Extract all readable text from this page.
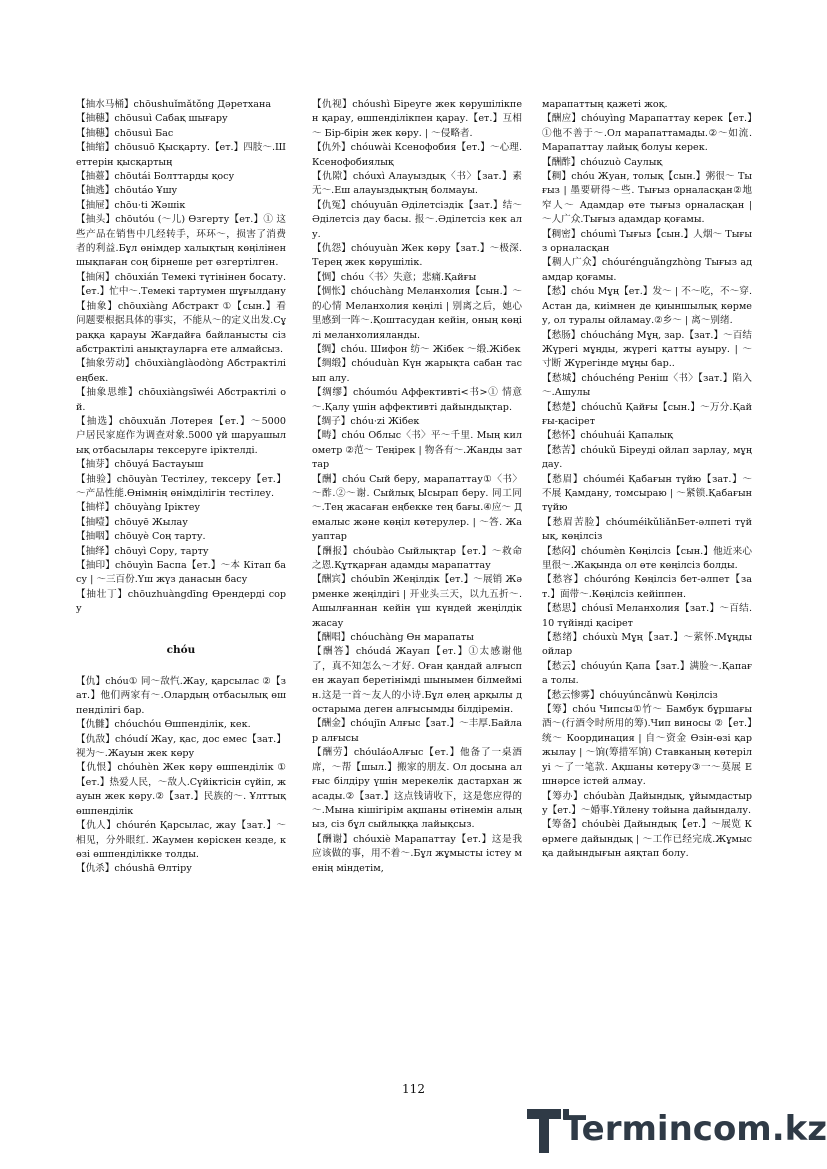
【抽水马桶】chōushuǐmǎtǒng Дәретхана

【抽穗】chōusuì Сабақ шығару

【抽穗】chōusuì Бас

【抽缩】chōusuō Қысқарту.【ет.】四肢～.Шеттерін қысқартың

【抽薹】chōutái Болттарды қосу

【抽逃】chōutáo Ұшу

【抽屉】chōu·ti Жәшік

【抽头】chōutóu (～儿) Өзгерту【ет.】① 这些产品在销售中几经转手，环环～，损害了消费者的利益.Бұл өнімдер халықтың көңілінен шықпаған соң бірнеше рет өзгертілген.

【抽闲】chōuxián Темекі түтінінен босату.【ет.】忙中～.Темекі тартумен шұғылдану

【抽象】chōuxiàng Абстракт ①【сын.】看问题要根据具体的事实，不能从～的定义出发.Сұраққа қарауы Жағдайға байланысты сіз абстрактілі анықтауларға ете алмайсыз.

【抽象劳动】chōuxiànglàodòng Абстрактілі еңбек.

【抽象思维】chōuxiàngsīwéi Абстрактілі ой.

【抽选】chōuxuǎn Лотерея【ет.】～5000 户居民家庭作为调查对象.5000 үй шаруашылық отбасылары тексеруге іріктелді.

【抽芽】chōuyá Бастауыш

【抽验】chōuyàn Тестілеу, тексеру【ет.】～产品性能.Өнімнің өнімділігін тестілеу.

【抽样】chōuyàng Іріктеу

【抽噎】chōuyē Жылау

【抽咽】chōuyè Соң тарту.

【抽绎】chōuyì Сору, тарту

【抽印】chōuyìn Баспа【ет.】～本 Кітап басу | ～三百份.Үш жүз данасын басу

【抽壮丁】chōuzhuàngdīng Өрендерді сору

chóu

【仇】chóu① 同～敌忾.Жау, қарсылас ②【зат.】他们两家有～.Олардың отбасылық өшпенділігі бар.

【仇雠】chóuchóu Өшпенділік, кек.

【仇敌】chóudí Жау, қас, дос емес【зат.】视为～.Жауын жек көру

【仇恨】chóuhèn Жек көру өшпенділік ①【ет.】热爱人民，～敌人.Сүйіктісін сүйіп, жауын жек көру.②【зат.】民族的～. Ұлттық өшпенділік

【仇人】chóurén Қарсылас, жау【зат.】～相见，分外眼红. Жаумен көріскен кезде, көзі өшпенділікке толды.

【仇杀】chóushā Өлтіру

【仇视】chóushì Біреуге жек көрушілікпен қарау, өшпенділікпен қарау.【ет.】互相～ Бір-бірін жек көру. | ～侵略者.

【仇外】chóuwài Ксенофобия【ет.】～心理.Ксенофобиялық

【仇隙】chóuxì Алауыздық〈书〉【зат.】素无～.Еш алауыздықтың болмауы.

【仇冤】chóuyuān Әділетсіздік【зат.】结～ Әділетсіз дау басы. 报～.Әділетсіз кек алу.

【仇怨】chóuyuàn Жек көру【зат.】～极深.Терең жек көрушілік.

【惆】chóu〈书〉失意；悲痛.Қайғы

【惆怅】chóuchàng Меланхолия【сын.】～的心情 Меланхолия көңілі | 别离之后，她心里感到一阵～.Қоштасудан кейін, оның көңілі меланхолияланды.

【绸】chóu. Шифон 纺～ Жібек ～缎.Жібек

【绸缎】chóuduàn Күн жарықта сабан тасып алу.

【绸缪】chóumóu Аффективті<书>① 情意～.Қалу үшін аффективті дайындықтар.

【绸子】chóu·zi Жібек

【畴】chóu Облыс〈书〉平～千里. Мың километр ②范～ Теңірек | 物各有～.Жанды заттар

【酬】chóu Сый беру, марапаттау①〈书〉～酢.②～谢. Сыйлық Ысырап беру. 同工同～.Тең жасаған еңбекке тең бағы.④应～ Демалыс және көңіл көтерулер. | ～答. Жауаптар

【酬报】chóubào Сыйлықтар【ет.】～救命之恩.Құтқарған адамды марапаттау

【酬宾】chóubīn Жеңілдік【ет.】～展销 Жәрменке жеңілдігі | 开业头三天，以九五折～.Ашылғаннан кейін үш күндей жеңілдік жасау

【酬唱】chóuchàng Өн марапаты

【酬答】chóudá Жауап【ет.】①太感谢他了，真不知怎么～才好. Оған қандай алғыспен жауап беретінімді шынымен білмеймін.这是一首～友人的小诗.Бұл өлең арқылы достарыма деген алғысымды білдіремін.

【酬金】chóujīn Алғыс【зат.】～丰厚.Байлар алғысы

【酬劳】chóuláoАлғыс【ет.】他备了一桌酒席，～帮【шыл.】搬家的朋友. Ол досына алғыс білдіру үшін мерекелік дастархан жасады.②【зат.】这点钱请收下，这是您应得的～.Мына кішігірім ақшаны өтінемін алыңыз, сіз бұл сыйлыққа лайықсыз.

【酬谢】chóuxiè Марапаттау【ет.】这是我应该做的事，用不着～.Бұл жұмысты істеу менің міндетім,

марапаттың қажеті жоқ.

【酬应】chóuyìng Марапаттау керек【ет.】①他不善于～.Ол марапаттамады.②～如流.Марапаттау лайық болуы керек.

【酬酢】chóuzuò Саулық

【稠】chóu Жуан, толық【сын.】粥很～ Тығыз | 墨要研得～些. Тығыз орналасқан②地窄人～ Адамдар өте тығыз орналасқан | ～人广众.Тығыз адамдар қоғамы.

【稠密】chóumì Тығыз【сын.】人烟～ Тығыз орналасқан

【稠人广众】chóurénguǎngzhòng Тығыз адамдар қоғамы.

【愁】chóu Мұң【ет.】发～ | 不～吃，不～穿.Астан да, киімнен де қиыншылық көрмеу, ол туралы ойламау.②乡～ | 离～别绪.

【愁肠】chóucháng Мұң, зар.【зат.】～百结 Жүрегі мұңды, жүрегі қатты ауыру. | ～寸断 Жүрегінде мұңы бар..

【愁城】chóuchéng Реніш〈书〉【зат.】陷入～.Ашулы

【愁楚】chóuchǔ Қайғы【сын.】～万分.Қайғы-қасірет

【愁怀】chóuhuái Қапалық

【愁苦】chóukǔ Біреуді ойлап зарлау, мұңдау.

【愁眉】chóuméi Қабағын түйю【зат.】～不展 Қамдану, томсыраю | ～紧锁.Қабағын түйю

【愁眉苦脸】chóuméikǔliǎnБет-әлпеті түйық, көңілсіз

【愁闷】chóumèn Көңілсіз【сын.】他近来心里很～.Жақында ол өте көңілсіз болды.

【愁容】chóuróng Көңілсіз бет-әлпет【зат.】面带～.Көңілсіз кейіппен.

【愁思】chóusī Меланхолия【зат.】～百结.10 түйінді қасірет

【愁绪】chóuxù Мұң【зат.】～萦怀.Мұңды ойлар

【愁云】chóuyún Қапа【зат.】满脸～.Қапаға толы.

【愁云惨雾】chóuyúncǎnwù Көңілсіз

【筹】chóu Чипсы①竹～ Бамбук бұршағы 酒～(行酒令时所用的筹).Чип виносы ②【ет.】统～ Координация | 自～资金 Өзін-өзі қаржылау | ～饷(筹措军饷) Ставканың көтерілуі ～了一笔款. Ақшаны көтеру③一～莫展 Ешнәрсе істей алмау.

【筹办】chóubàn Дайындық, ұйымдастыру【ет.】～婚事.Үйлену тойына дайындалу.

【筹备】chóubèi Дайындық【ет.】～展览 Көрмеге дайындық | ～工作已经完成.Жұмысқа дайындығын аяқтап болу.

112
Termincom.kz
